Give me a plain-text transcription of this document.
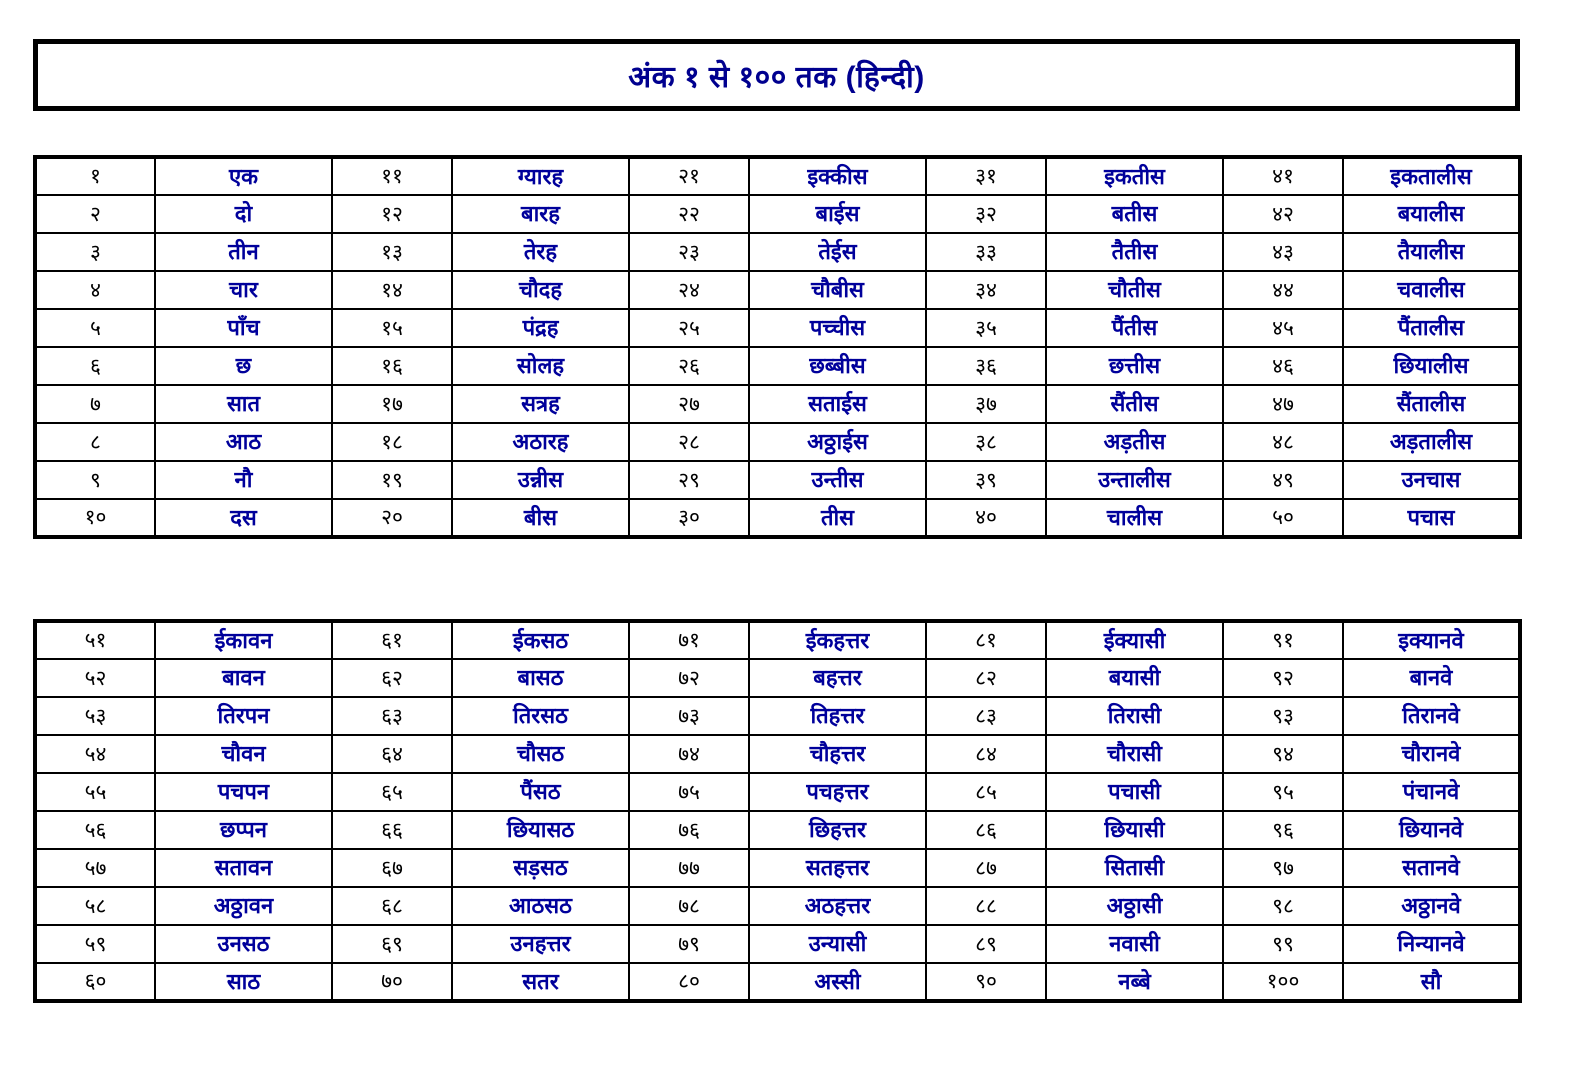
अंक १ से १०० तक (हिन्दी)
१	एक	११	ग्यारह	२१	इक्कीस	३१	इकतीस	४१	इकतालीस
२	दो	१२	बारह	२२	बाईस	३२	बतीस	४२	बयालीस
३	तीन	१३	तेरह	२३	तेईस	३३	तैतीस	४३	तैयालीस
४	चार	१४	चौदह	२४	चौबीस	३४	चौतीस	४४	चवालीस
५	पाँच	१५	पंद्रह	२५	पच्चीस	३५	पैंतीस	४५	पैंतालीस
६	छ	१६	सोलह	२६	छब्बीस	३६	छत्तीस	४६	छियालीस
७	सात	१७	सत्रह	२७	सताईस	३७	सैंतीस	४७	सैंतालीस
८	आठ	१८	अठारह	२८	अठ्ठाईस	३८	अड़तीस	४८	अड़तालीस
९	नौ	१९	उन्नीस	२९	उन्तीस	३९	उन्तालीस	४९	उनचास
१०	दस	२०	बीस	३०	तीस	४०	चालीस	५०	पचास
५१	ईकावन	६१	ईकसठ	७१	ईकहत्तर	८१	ईक्यासी	९१	इक्यानवे
५२	बावन	६२	बासठ	७२	बहत्तर	८२	बयासी	९२	बानवे
५३	तिरपन	६३	तिरसठ	७३	तिहत्तर	८३	तिरासी	९३	तिरानवे
५४	चौवन	६४	चौसठ	७४	चौहत्तर	८४	चौरासी	९४	चौरानवे
५५	पचपन	६५	पैंसठ	७५	पचहत्तर	८५	पचासी	९५	पंचानवे
५६	छप्पन	६६	छियासठ	७६	छिहत्तर	८६	छियासी	९६	छियानवे
५७	सतावन	६७	सड़सठ	७७	सतहत्तर	८७	सितासी	९७	सतानवे
५८	अठ्ठावन	६८	आठसठ	७८	अठहत्तर	८८	अठ्ठासी	९८	अठ्ठानवे
५९	उनसठ	६९	उनहत्तर	७९	उन्यासी	८९	नवासी	९९	निन्यानवे
६०	साठ	७०	सतर	८०	अस्सी	९०	नब्बे	१००	सौ
